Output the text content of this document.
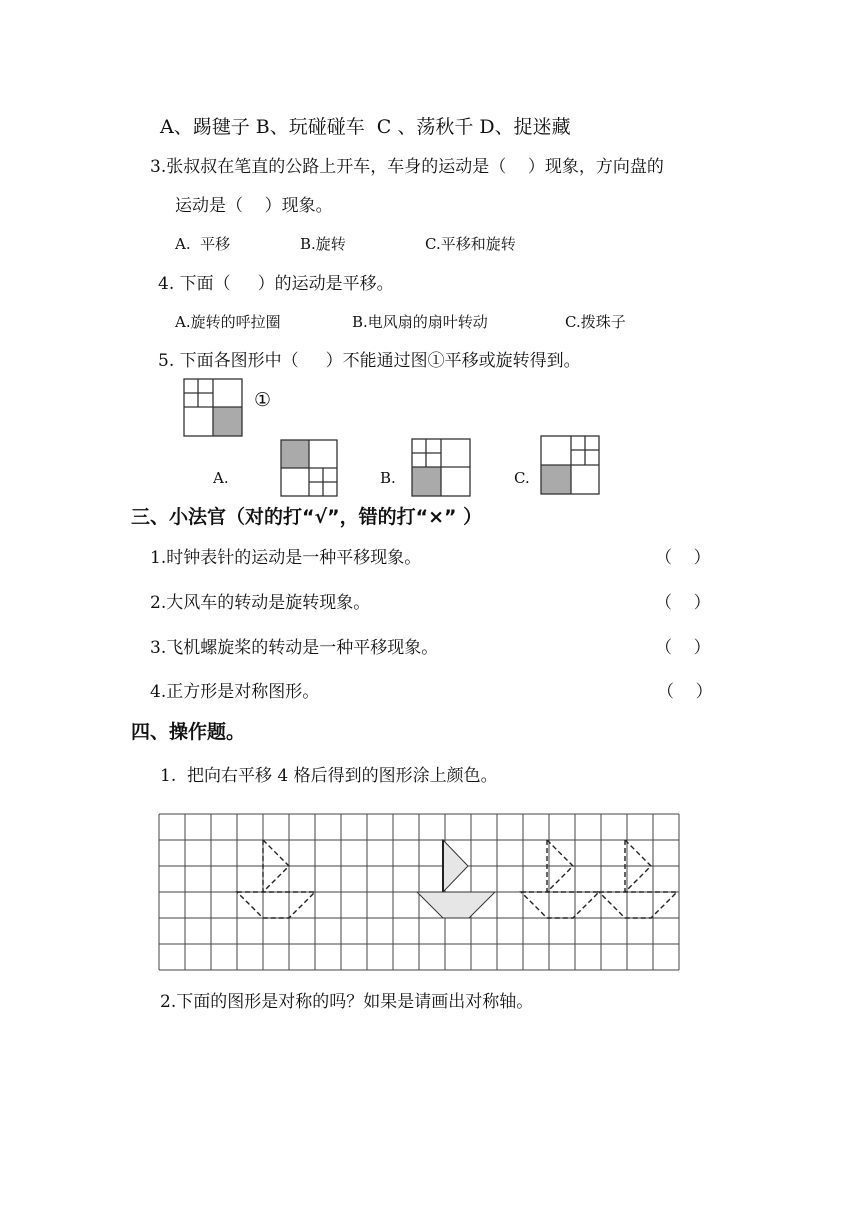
A、踢毽子 B、玩碰碰车  C 、荡秋千 D、捉迷藏
3.张叔叔在笔直的公路上开车，车身的运动是（    ）现象，方向盘的
运动是（    ）现象。
A.  平移	B.旋转	C.平移和旋转
4. 下面（     ）的运动是平移。
A.旋转的呼拉圈	B.电风扇的扇叶转动	C.拨珠子
5. 下面各图形中（     ）不能通过图①平移或旋转得到。
①
A.	B.	C.
三、小法官（对的打“√”，错的打“×” ）
1.时钟表针的运动是一种平移现象。	（    ）
2.大风车的转动是旋转现象。	（    ）
3.飞机螺旋桨的转动是一种平移现象。	（    ）
4.正方形是对称图形。	（    ）
四、操作题。
1.  把向右平移 4 格后得到的图形涂上颜色。
2.下面的图形是对称的吗？如果是请画出对称轴。
